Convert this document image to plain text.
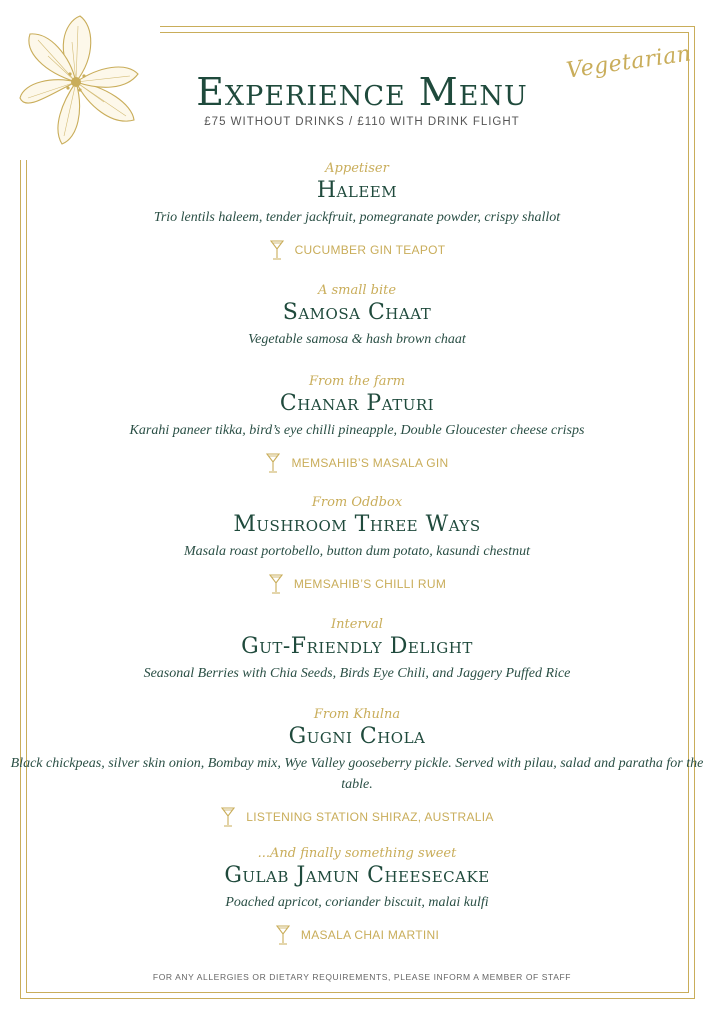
Vegetarian
Experience Menu
£75 WITHOUT DRINKS / £110 WITH DRINK FLIGHT
Appetiser
Haleem
Trio lentils haleem, tender jackfruit, pomegranate powder, crispy shallot
CUCUMBER GIN TEAPOT
A small bite
Samosa Chaat
Vegetable samosa & hash brown chaat
From the farm
Chanar Paturi
Karahi paneer tikka, bird’s eye chilli pineapple, Double Gloucester cheese crisps
MEMSAHIB’S MASALA GIN
From Oddbox
Mushroom Three Ways
Masala roast portobello, button dum potato, kasundi chestnut
MEMSAHIB’S CHILLI RUM
Interval
Gut-Friendly Delight
Seasonal Berries with Chia Seeds, Birds Eye Chili, and Jaggery Puffed Rice
From Khulna
Gugni Chola
Black chickpeas, silver skin onion, Bombay mix, Wye Valley gooseberry pickle. Served with pilau, salad and paratha for the table.
LISTENING STATION SHIRAZ, AUSTRALIA
...And finally something sweet
Gulab Jamun Cheesecake
Poached apricot, coriander biscuit, malai kulfi
MASALA CHAI MARTINI
FOR ANY ALLERGIES OR DIETARY REQUIREMENTS, PLEASE INFORM A MEMBER OF STAFF
